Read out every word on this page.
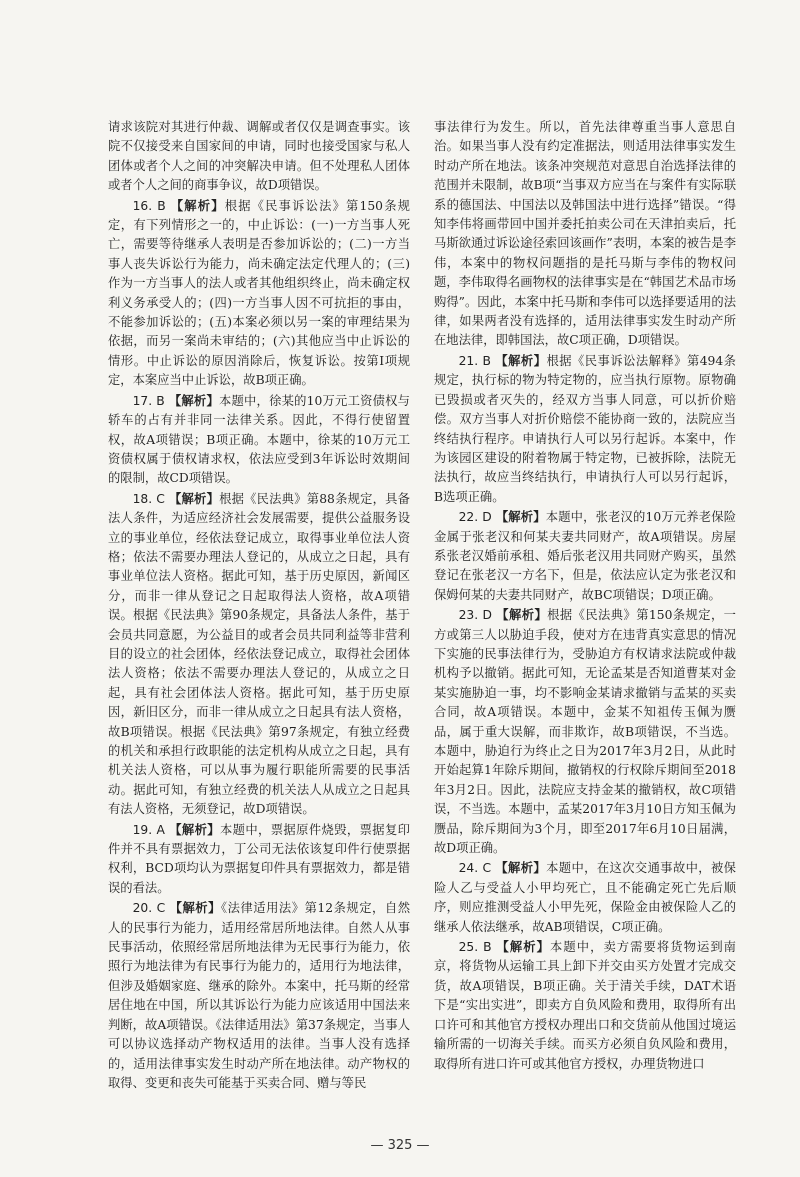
请求该院对其进行仲裁、调解或者仅仅是调查事实。该院不仅接受来自国家间的申请，同时也接受国家与私人团体或者个人之间的冲突解决申请。但不处理私人团体或者个人之间的商事争议，故D项错误。

16. B 【解析】根据《民事诉讼法》第150条规定，有下列情形之一的，中止诉讼：(一)一方当事人死亡，需要等待继承人表明是否参加诉讼的；(二)一方当事人丧失诉讼行为能力，尚未确定法定代理人的；(三)作为一方当事人的法人或者其他组织终止，尚未确定权利义务承受人的；(四)一方当事人因不可抗拒的事由，不能参加诉讼的；(五)本案必须以另一案的审理结果为依据，而另一案尚未审结的；(六)其他应当中止诉讼的情形。中止诉讼的原因消除后，恢复诉讼。按第Ⅰ项规定，本案应当中止诉讼，故B项正确。

17. B 【解析】本题中，徐某的10万元工资债权与轿车的占有并非同一法律关系。因此，不得行使留置权，故A项错误；B项正确。本题中，徐某的10万元工资债权属于债权请求权，依法应受到3年诉讼时效期间的限制，故CD项错误。

18. C 【解析】根据《民法典》第88条规定，具备法人条件，为适应经济社会发展需要，提供公益服务设立的事业单位，经依法登记成立，取得事业单位法人资格；依法不需要办理法人登记的，从成立之日起，具有事业单位法人资格。据此可知，基于历史原因，新闻区分，而非一律从登记之日起取得法人资格，故A项错误。根据《民法典》第90条规定，具备法人条件，基于会员共同意愿，为公益目的或者会员共同利益等非营利目的设立的社会团体，经依法登记成立，取得社会团体法人资格；依法不需要办理法人登记的，从成立之日起，具有社会团体法人资格。据此可知，基于历史原因，新旧区分，而非一律从成立之日起具有法人资格，故B项错误。根据《民法典》第97条规定，有独立经费的机关和承担行政职能的法定机构从成立之日起，具有机关法人资格，可以从事为履行职能所需要的民事活动。据此可知，有独立经费的机关法人从成立之日起具有法人资格，无须登记，故D项错误。

19. A 【解析】本题中，票据原件烧毁，票据复印件并不具有票据效力，丁公司无法依该复印件行使票据权利，BCD项均认为票据复印件具有票据效力，都是错误的看法。

20. C 【解析】《法律适用法》第12条规定，自然人的民事行为能力，适用经常居所地法律。自然人从事民事活动，依照经常居所地法律为无民事行为能力，依照行为地法律为有民事行为能力的，适用行为地法律，但涉及婚姻家庭、继承的除外。本案中，托马斯的经常居住地在中国，所以其诉讼行为能力应该适用中国法来判断，故A项错误。《法律适用法》第37条规定，当事人可以协议选择动产物权适用的法律。当事人没有选择的，适用法律事实发生时动产所在地法律。动产物权的取得、变更和丧失可能基于买卖合同、赠与等民

事法律行为发生。所以，首先法律尊重当事人意思自治。如果当事人没有约定准据法，则适用法律事实发生时动产所在地法。该条冲突规范对意思自治选择法律的范围并未限制，故B项“当事双方应当在与案件有实际联系的德国法、中国法以及韩国法中进行选择”错误。“得知李伟将画带回中国并委托拍卖公司在天津拍卖后，托马斯欲通过诉讼途径索回该画作”表明，本案的被告是李伟，本案中的物权问题指的是托马斯与李伟的物权问题，李伟取得名画物权的法律事实是在“韩国艺术品市场购得”。因此，本案中托马斯和李伟可以选择要适用的法律，如果两者没有选择的，适用法律事实发生时动产所在地法律，即韩国法，故C项正确，D项错误。

21. B 【解析】根据《民事诉讼法解释》第494条规定，执行标的物为特定物的，应当执行原物。原物确已毁损或者灭失的，经双方当事人同意，可以折价赔偿。双方当事人对折价赔偿不能协商一致的，法院应当终结执行程序。申请执行人可以另行起诉。本案中，作为该园区建设的附着物属于特定物，已被拆除，法院无法执行，故应当终结执行，申请执行人可以另行起诉，B选项正确。

22. D 【解析】本题中，张老汉的10万元养老保险金属于张老汉和何某夫妻共同财产，故A项错误。房屋系张老汉婚前承租、婚后张老汉用共同财产购买，虽然登记在张老汉一方名下，但是，依法应认定为张老汉和保姆何某的夫妻共同财产，故BC项错误；D项正确。

23. D 【解析】根据《民法典》第150条规定，一方或第三人以胁迫手段，使对方在违背真实意思的情况下实施的民事法律行为，受胁迫方有权请求法院或仲裁机构予以撤销。据此可知，无论孟某是否知道曹某对金某实施胁迫一事，均不影响金某请求撤销与孟某的买卖合同，故A项错误。本题中，金某不知祖传玉佩为赝品，属于重大误解，而非欺诈，故B项错误，不当选。本题中，胁迫行为终止之日为2017年3月2日，从此时开始起算1年除斥期间，撤销权的行权除斥期间至2018年3月2日。因此，法院应支持金某的撤销权，故C项错误，不当选。本题中，孟某2017年3月10日方知玉佩为赝品，除斥期间为3个月，即至2017年6月10日届满，故D项正确。

24. C 【解析】本题中，在这次交通事故中，被保险人乙与受益人小甲均死亡，且不能确定死亡先后顺序，则应推测受益人小甲先死，保险金由被保险人乙的继承人依法继承，故AB项错误，C项正确。

25. B 【解析】本题中，卖方需要将货物运到南京，将货物从运输工具上卸下并交由买方处置才完成交货，故A项错误，B项正确。关于清关手续，DAT术语下是“实出实进”，即卖方自负风险和费用，取得所有出口许可和其他官方授权办理出口和交货前从他国过境运输所需的一切海关手续。而买方必须自负风险和费用，取得所有进口许可或其他官方授权，办理货物进口

— 325 —
